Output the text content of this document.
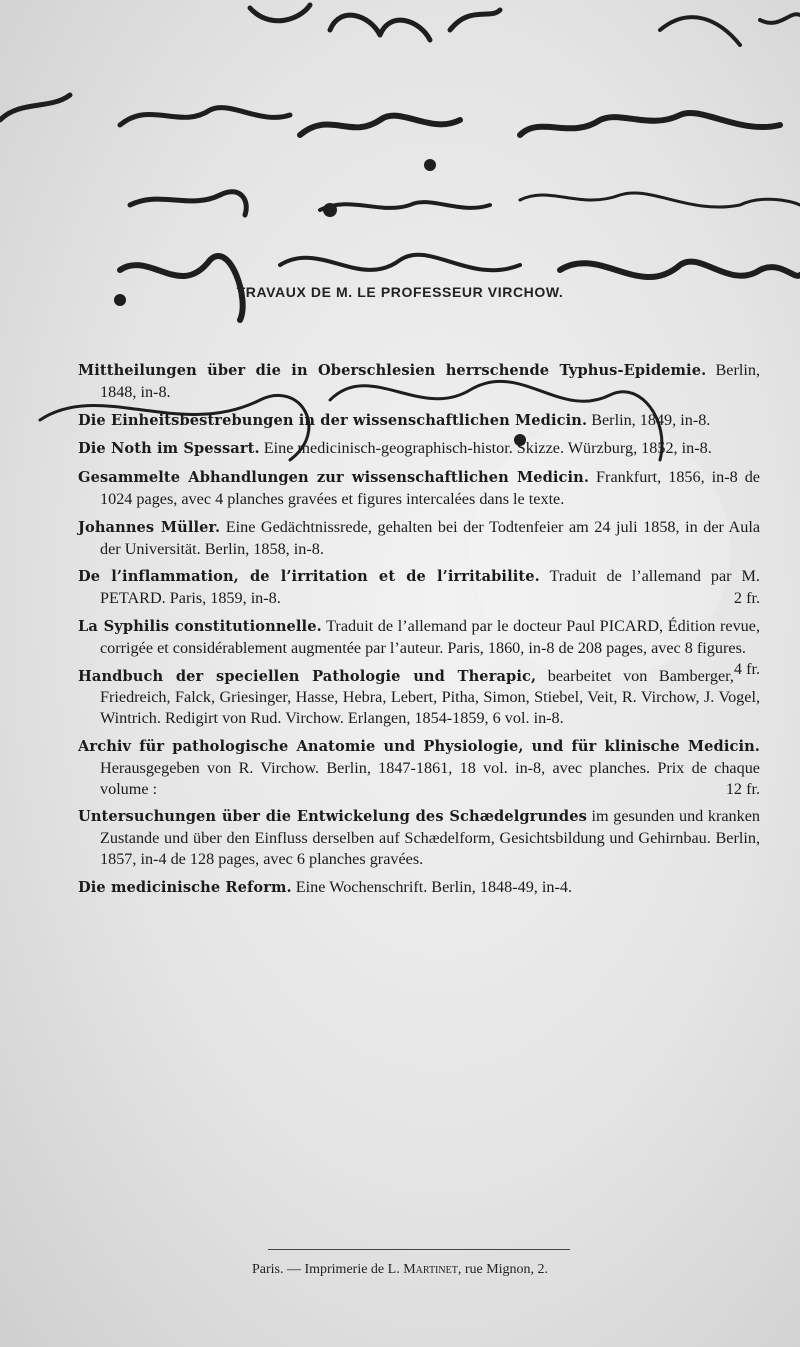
TRAVAUX DE M. LE PROFESSEUR VIRCHOW.
Mittheilungen über die in Oberschlesien herrschende Typhus-Epidemie. Berlin, 1848, in-8.
Die Einheitsbestrebungen in der wissenschaftlichen Medicin. Berlin, 1849, in-8.
Die Noth im Spessart. Eine medicinisch-geographisch-histor. Skizze. Würzburg, 1852, in-8.
Gesammelte Abhandlungen zur wissenschaftlichen Medicin. Frankfurt, 1856, in-8 de 1024 pages, avec 4 planches gravées et figures intercalées dans le texte.
Johannes Müller. Eine Gedächtnissrede, gehalten bei der Todtenfeier am 24 juli 1858, in der Aula der Universität. Berlin, 1858, in-8.
De l’inflammation, de l’irritation et de l’irritabilite. Traduit de l’allemand par M. PETARD. Paris, 1859, in-8.	2 fr.
La Syphilis constitutionnelle. Traduit de l’allemand par le docteur Paul PICARD, Édition revue, corrigée et considérablement augmentée par l’auteur. Paris, 1860, in-8 de 208 pages, avec 8 figures.
4 fr.
Handbuch der speciellen Pathologie und Therapic, bearbeitet von Bamberger, Friedreich, Falck, Griesinger, Hasse, Hebra, Lebert, Pitha, Simon, Stiebel, Veit, R. Virchow, J. Vogel, Wintrich. Redigirt von Rud. Virchow. Erlangen, 1854-1859, 6 vol. in-8.
Archiv für pathologische Anatomie und Physiologie, und für klinische Medicin. Herausgegeben von R. Virchow. Berlin, 1847-1861, 18 vol. in-8, avec planches. Prix de chaque volume :	12 fr.
Untersuchungen über die Entwickelung des Schædelgrundes im gesunden und kranken Zustande und über den Einfluss derselben auf Schædelform, Gesichtsbildung und Gehirnbau. Berlin, 1857, in-4 de 128 pages, avec 6 planches gravées.
Die medicinische Reform. Eine Wochenschrift. Berlin, 1848-49, in-4.
Paris. — Imprimerie de L. Martinet, rue Mignon, 2.
